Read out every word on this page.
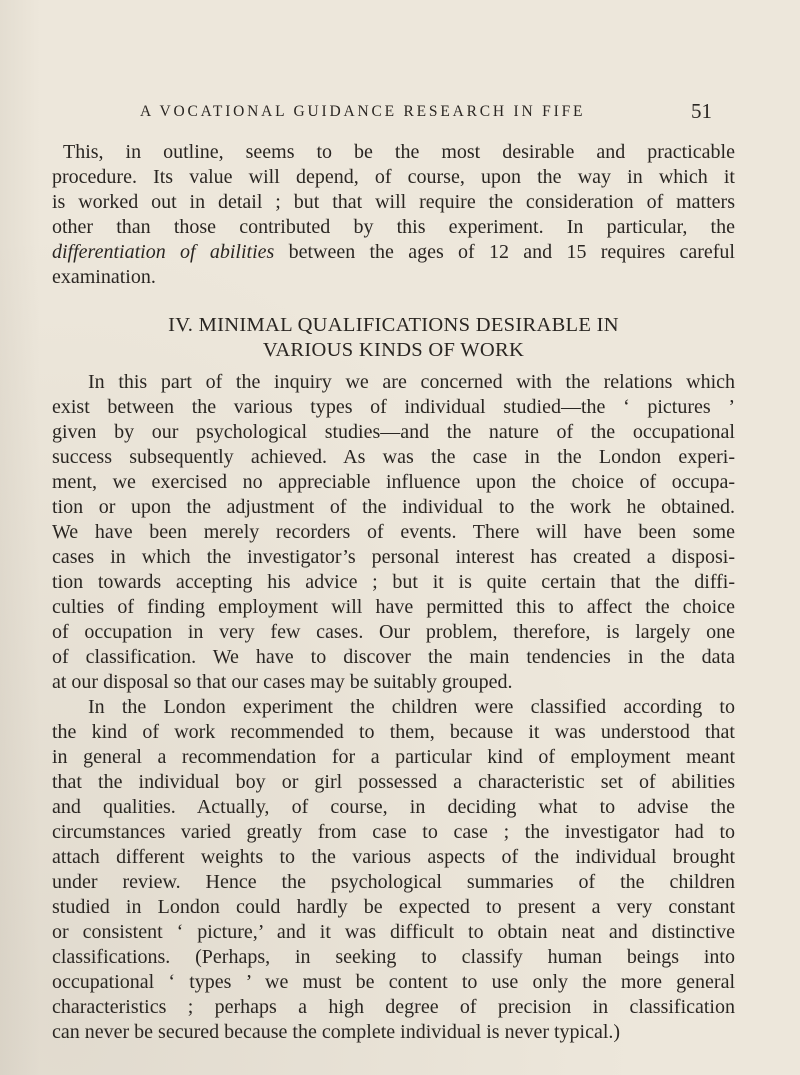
A VOCATIONAL GUIDANCE RESEARCH IN FIFE	51
This, in outline, seems to be the most desirable and practicable
procedure. Its value will depend, of course, upon the way in which it
is worked out in detail ; but that will require the consideration of matters
other than those contributed by this experiment. In particular, the
differentiation of abilities between the ages of 12 and 15 requires careful
examination.
IV. MINIMAL QUALIFICATIONS DESIRABLE IN
VARIOUS KINDS OF WORK
In this part of the inquiry we are concerned with the relations which
exist between the various types of individual studied—the ‘ pictures ’
given by our psychological studies—and the nature of the occupational
success subsequently achieved. As was the case in the London experi-
ment, we exercised no appreciable influence upon the choice of occupa-
tion or upon the adjustment of the individual to the work he obtained.
We have been merely recorders of events. There will have been some
cases in which the investigator’s personal interest has created a disposi-
tion towards accepting his advice ; but it is quite certain that the diffi-
culties of finding employment will have permitted this to affect the choice
of occupation in very few cases. Our problem, therefore, is largely one
of classification. We have to discover the main tendencies in the data
at our disposal so that our cases may be suitably grouped.
In the London experiment the children were classified according to
the kind of work recommended to them, because it was understood that
in general a recommendation for a particular kind of employment meant
that the individual boy or girl possessed a characteristic set of abilities
and qualities. Actually, of course, in deciding what to advise the
circumstances varied greatly from case to case ; the investigator had to
attach different weights to the various aspects of the individual brought
under review. Hence the psychological summaries of the children
studied in London could hardly be expected to present a very constant
or consistent ‘ picture,’ and it was difficult to obtain neat and distinctive
classifications. (Perhaps, in seeking to classify human beings into
occupational ‘ types ’ we must be content to use only the more general
characteristics ; perhaps a high degree of precision in classification
can never be secured because the complete individual is never typical.)
